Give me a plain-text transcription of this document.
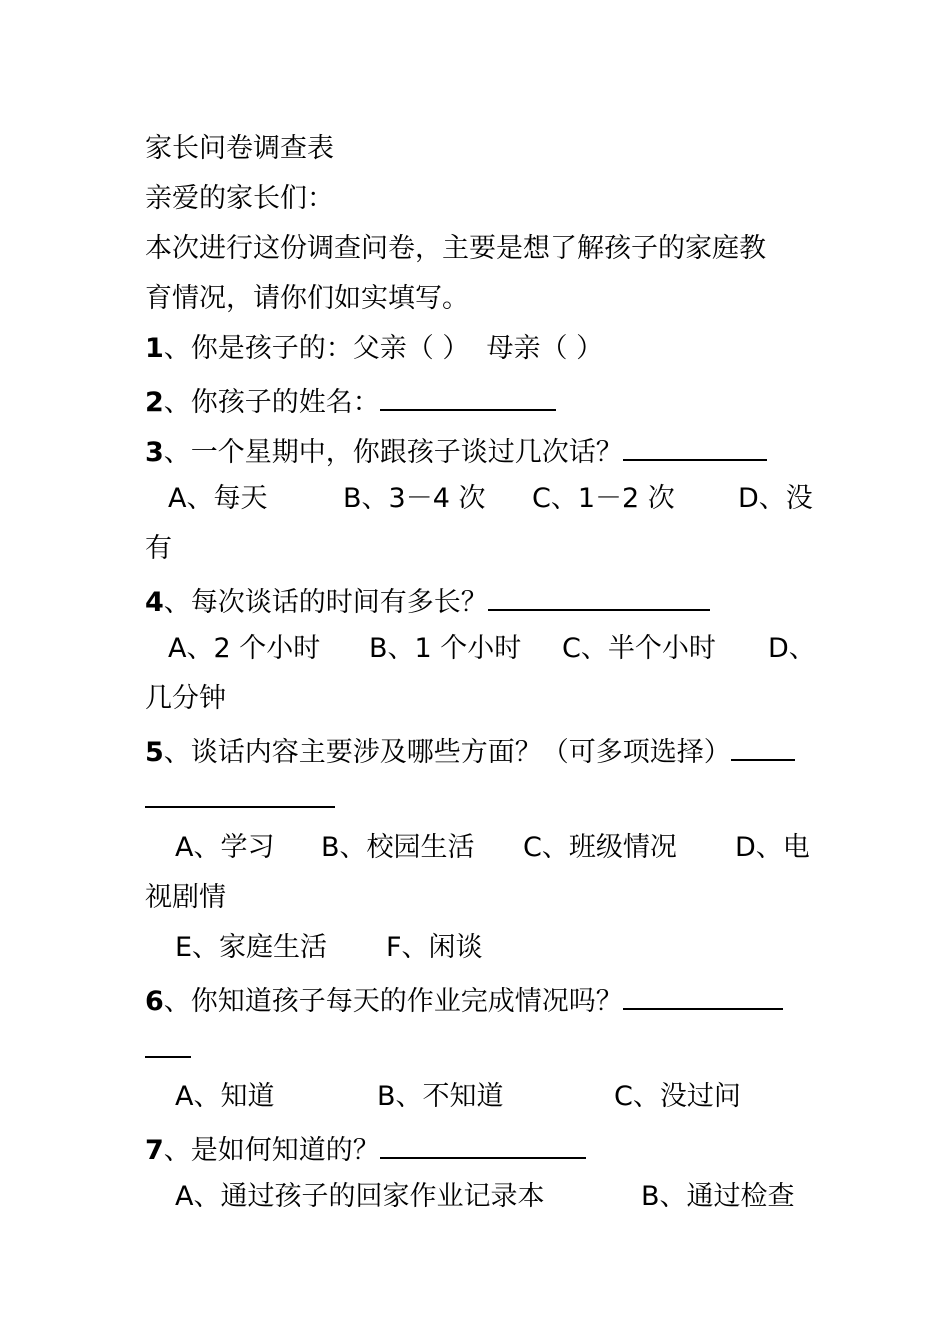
家长问卷调查表

亲爱的家长们：

本次进行这份调查问卷，主要是想了解孩子的家庭教

育情况，请你们如实填写。

1、你是孩子的：父亲（ ）  母亲（ ）

2、你孩子的姓名：

3、一个星期中，你跟孩子谈过几次话？

A、每天	B、3－4 次 C、1－2 次 D、没

有

4、每次谈话的时间有多长？

A、2 个小时 B、1 个小时 C、半个小时 D、

几分钟

5、谈话内容主要涉及哪些方面？（可多项选择）

A、学习 B、校园生活 C、班级情况 D、电

视剧情

E、家庭生活 F、闲谈

6、你知道孩子每天的作业完成情况吗？

A、知道	B、不知道	C、没过问

7、是如何知道的？

A、通过孩子的回家作业记录本	B、通过检查
